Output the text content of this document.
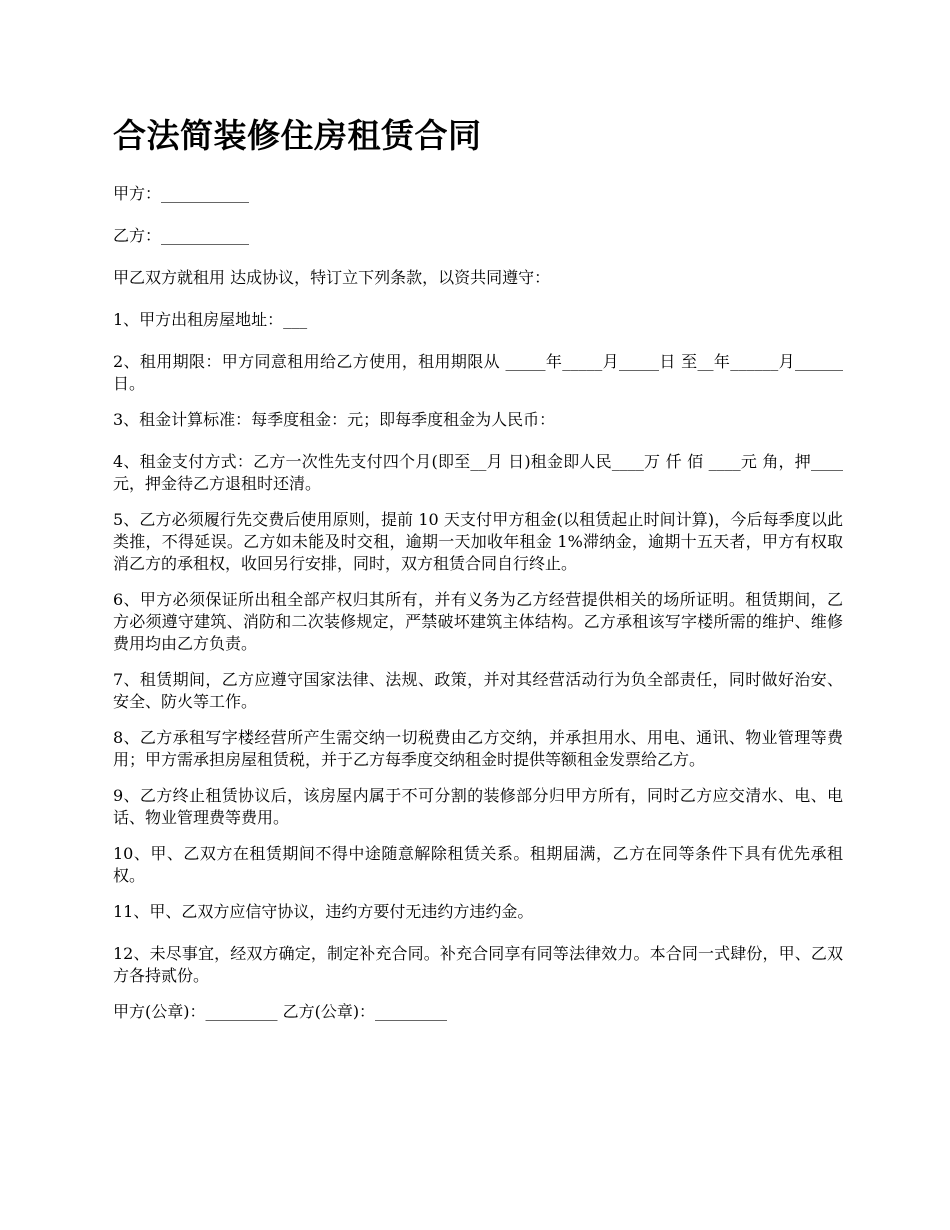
合法简装修住房租赁合同

甲方：___________

乙方：___________

甲乙双方就租用 达成协议，特订立下列条款，以资共同遵守：

1、甲方出租房屋地址：___

2、租用期限：甲方同意租用给乙方使用，租用期限从 _____年_____月_____日 至__年______月______日。

3、租金计算标准：每季度租金：元；即每季度租金为人民币：

4、租金支付方式：乙方一次性先支付四个月(即至__月 日)租金即人民____万 仟 佰 ____元 角，押____元，押金待乙方退租时还清。

5、乙方必须履行先交费后使用原则，提前 10 天支付甲方租金(以租赁起止时间计算)，今后每季度以此类推，不得延误。乙方如未能及时交租，逾期一天加收年租金 1%滞纳金，逾期十五天者，甲方有权取消乙方的承租权，收回另行安排，同时，双方租赁合同自行终止。

6、甲方必须保证所出租全部产权归其所有，并有义务为乙方经营提供相关的场所证明。租赁期间，乙方必须遵守建筑、消防和二次装修规定，严禁破坏建筑主体结构。乙方承租该写字楼所需的维护、维修费用均由乙方负责。

7、租赁期间，乙方应遵守国家法律、法规、政策，并对其经营活动行为负全部责任，同时做好治安、安全、防火等工作。

8、乙方承租写字楼经营所产生需交纳一切税费由乙方交纳，并承担用水、用电、通讯、物业管理等费用；甲方需承担房屋租赁税，并于乙方每季度交纳租金时提供等额租金发票给乙方。

9、乙方终止租赁协议后，该房屋内属于不可分割的装修部分归甲方所有，同时乙方应交清水、电、电话、物业管理费等费用。

10、甲、乙双方在租赁期间不得中途随意解除租赁关系。租期届满，乙方在同等条件下具有优先承租权。

11、甲、乙双方应信守协议，违约方要付无违约方违约金。

12、未尽事宜，经双方确定，制定补充合同。补充合同享有同等法律效力。本合同一式肆份，甲、乙双方各持贰份。

甲方(公章)：_________ 乙方(公章)：_________
